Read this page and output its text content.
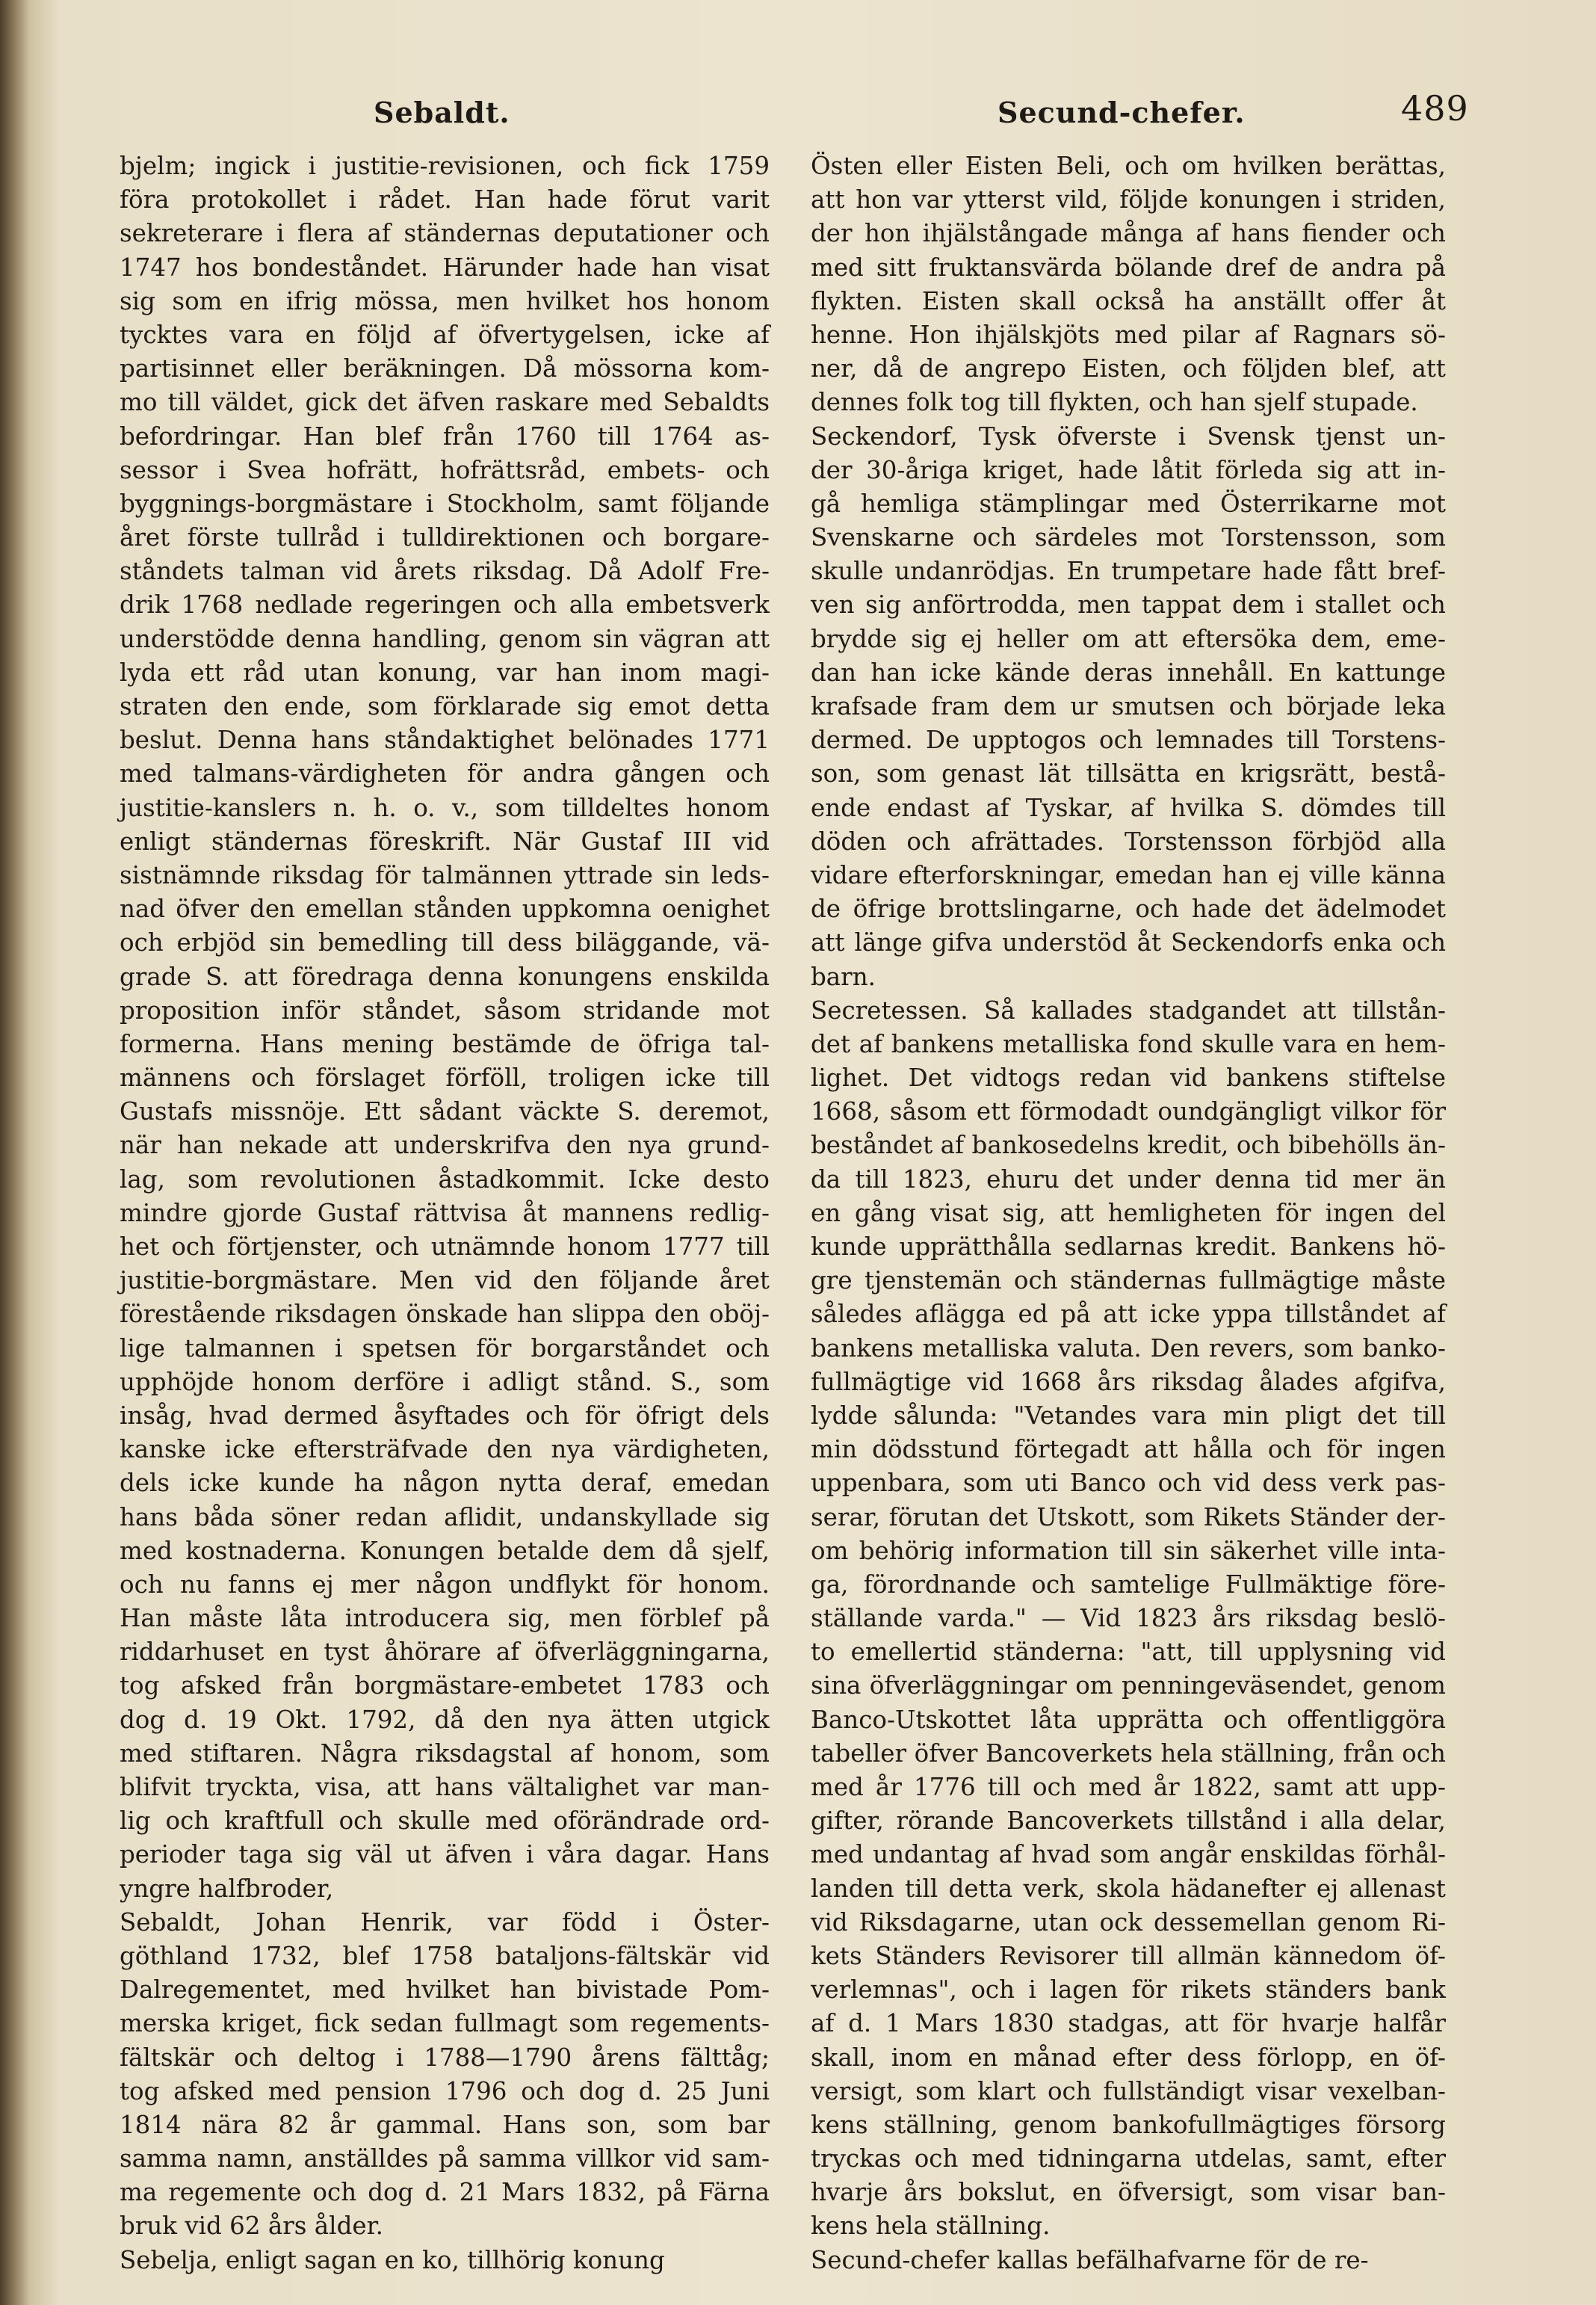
Sebaldt.	Secund-chefer.	489
bjelm; ingick i justitie-revisionen, och fick 1759
föra protokollet i rådet. Han hade förut varit
sekreterare i flera af ständernas deputationer och
1747 hos bondeståndet. Härunder hade han visat
sig som en ifrig mössa, men hvilket hos honom
tycktes vara en följd af öfvertygelsen, icke af
partisinnet eller beräkningen. Då mössorna kom-
mo till väldet, gick det äfven raskare med Sebaldts
befordringar. Han blef från 1760 till 1764 as-
sessor i Svea hofrätt, hofrättsråd, embets- och
byggnings-borgmästare i Stockholm, samt följande
året förste tullråd i tulldirektionen och borgare-
ståndets talman vid årets riksdag. Då Adolf Fre-
drik 1768 nedlade regeringen och alla embetsverk
understödde denna handling, genom sin vägran att
lyda ett råd utan konung, var han inom magi-
straten den ende, som förklarade sig emot detta
beslut. Denna hans ståndaktighet belönades 1771
med talmans-värdigheten för andra gången och
justitie-kanslers n. h. o. v., som tilldeltes honom
enligt ständernas föreskrift. När Gustaf III vid
sistnämnde riksdag för talmännen yttrade sin leds-
nad öfver den emellan stånden uppkomna oenighet
och erbjöd sin bemedling till dess biläggande, vä-
grade S. att föredraga denna konungens enskilda
proposition inför ståndet, såsom stridande mot
formerna. Hans mening bestämde de öfriga tal-
männens och förslaget förföll, troligen icke till
Gustafs missnöje. Ett sådant väckte S. deremot,
när han nekade att underskrifva den nya grund-
lag, som revolutionen åstadkommit. Icke desto
mindre gjorde Gustaf rättvisa åt mannens redlig-
het och förtjenster, och utnämnde honom 1777 till
justitie-borgmästare. Men vid den följande året
förestående riksdagen önskade han slippa den oböj-
lige talmannen i spetsen för borgarståndet och
upphöjde honom derföre i adligt stånd. S., som
insåg, hvad dermed åsyftades och för öfrigt dels
kanske icke eftersträfvade den nya värdigheten,
dels icke kunde ha någon nytta deraf, emedan
hans båda söner redan aflidit, undanskyllade sig
med kostnaderna. Konungen betalde dem då sjelf,
och nu fanns ej mer någon undflykt för honom.
Han måste låta introducera sig, men förblef på
riddarhuset en tyst åhörare af öfverläggningarna,
tog afsked från borgmästare-embetet 1783 och
dog d. 19 Okt. 1792, då den nya ätten utgick
med stiftaren. Några riksdagstal af honom, som
blifvit tryckta, visa, att hans vältalighet var man-
lig och kraftfull och skulle med oförändrade ord-
perioder taga sig väl ut äfven i våra dagar. Hans
yngre halfbroder,
Sebaldt, Johan Henrik, var född i Öster-
göthland 1732, blef 1758 bataljons-fältskär vid
Dalregementet, med hvilket han bivistade Pom-
merska kriget, fick sedan fullmagt som regements-
fältskär och deltog i 1788—1790 årens fälttåg;
tog afsked med pension 1796 och dog d. 25 Juni
1814 nära 82 år gammal. Hans son, som bar
samma namn, anställdes på samma villkor vid sam-
ma regemente och dog d. 21 Mars 1832, på Färna
bruk vid 62 års ålder.
Sebelja, enligt sagan en ko, tillhörig konung
Östen eller Eisten Beli, och om hvilken berättas,
att hon var ytterst vild, följde konungen i striden,
der hon ihjälstångade många af hans fiender och
med sitt fruktansvärda bölande dref de andra på
flykten. Eisten skall också ha anställt offer åt
henne. Hon ihjälskjöts med pilar af Ragnars sö-
ner, då de angrepo Eisten, och följden blef, att
dennes folk tog till flykten, och han sjelf stupade.
Seckendorf, Tysk öfverste i Svensk tjenst un-
der 30-åriga kriget, hade låtit förleda sig att in-
gå hemliga stämplingar med Österrikarne mot
Svenskarne och särdeles mot Torstensson, som
skulle undanrödjas. En trumpetare hade fått bref-
ven sig anförtrodda, men tappat dem i stallet och
brydde sig ej heller om att eftersöka dem, eme-
dan han icke kände deras innehåll. En kattunge
krafsade fram dem ur smutsen och började leka
dermed. De upptogos och lemnades till Torstens-
son, som genast lät tillsätta en krigsrätt, bestå-
ende endast af Tyskar, af hvilka S. dömdes till
döden och afrättades. Torstensson förbjöd alla
vidare efterforskningar, emedan han ej ville känna
de öfrige brottslingarne, och hade det ädelmodet
att länge gifva understöd åt Seckendorfs enka och
barn.
Secretessen. Så kallades stadgandet att tillstån-
det af bankens metalliska fond skulle vara en hem-
lighet. Det vidtogs redan vid bankens stiftelse
1668, såsom ett förmodadt oundgängligt vilkor för
beståndet af bankosedelns kredit, och bibehölls än-
da till 1823, ehuru det under denna tid mer än
en gång visat sig, att hemligheten för ingen del
kunde upprätthålla sedlarnas kredit. Bankens hö-
gre tjenstemän och ständernas fullmägtige måste
således aflägga ed på att icke yppa tillståndet af
bankens metalliska valuta. Den revers, som banko-
fullmägtige vid 1668 års riksdag ålades afgifva,
lydde sålunda: "Vetandes vara min pligt det till
min dödsstund förtegadt att hålla och för ingen
uppenbara, som uti Banco och vid dess verk pas-
serar, förutan det Utskott, som Rikets Ständer der-
om behörig information till sin säkerhet ville inta-
ga, förordnande och samtelige Fullmäktige före-
ställande varda." — Vid 1823 års riksdag beslö-
to emellertid ständerna: "att, till upplysning vid
sina öfverläggningar om penningeväsendet, genom
Banco-Utskottet låta upprätta och offentliggöra
tabeller öfver Bancoverkets hela ställning, från och
med år 1776 till och med år 1822, samt att upp-
gifter, rörande Bancoverkets tillstånd i alla delar,
med undantag af hvad som angår enskildas förhål-
landen till detta verk, skola hädanefter ej allenast
vid Riksdagarne, utan ock dessemellan genom Ri-
kets Ständers Revisorer till allmän kännedom öf-
verlemnas", och i lagen för rikets ständers bank
af d. 1 Mars 1830 stadgas, att för hvarje halfår
skall, inom en månad efter dess förlopp, en öf-
versigt, som klart och fullständigt visar vexelban-
kens ställning, genom bankofullmägtiges försorg
tryckas och med tidningarna utdelas, samt, efter
hvarje års bokslut, en öfversigt, som visar ban-
kens hela ställning.
Secund-chefer kallas befälhafvarne för de re-
